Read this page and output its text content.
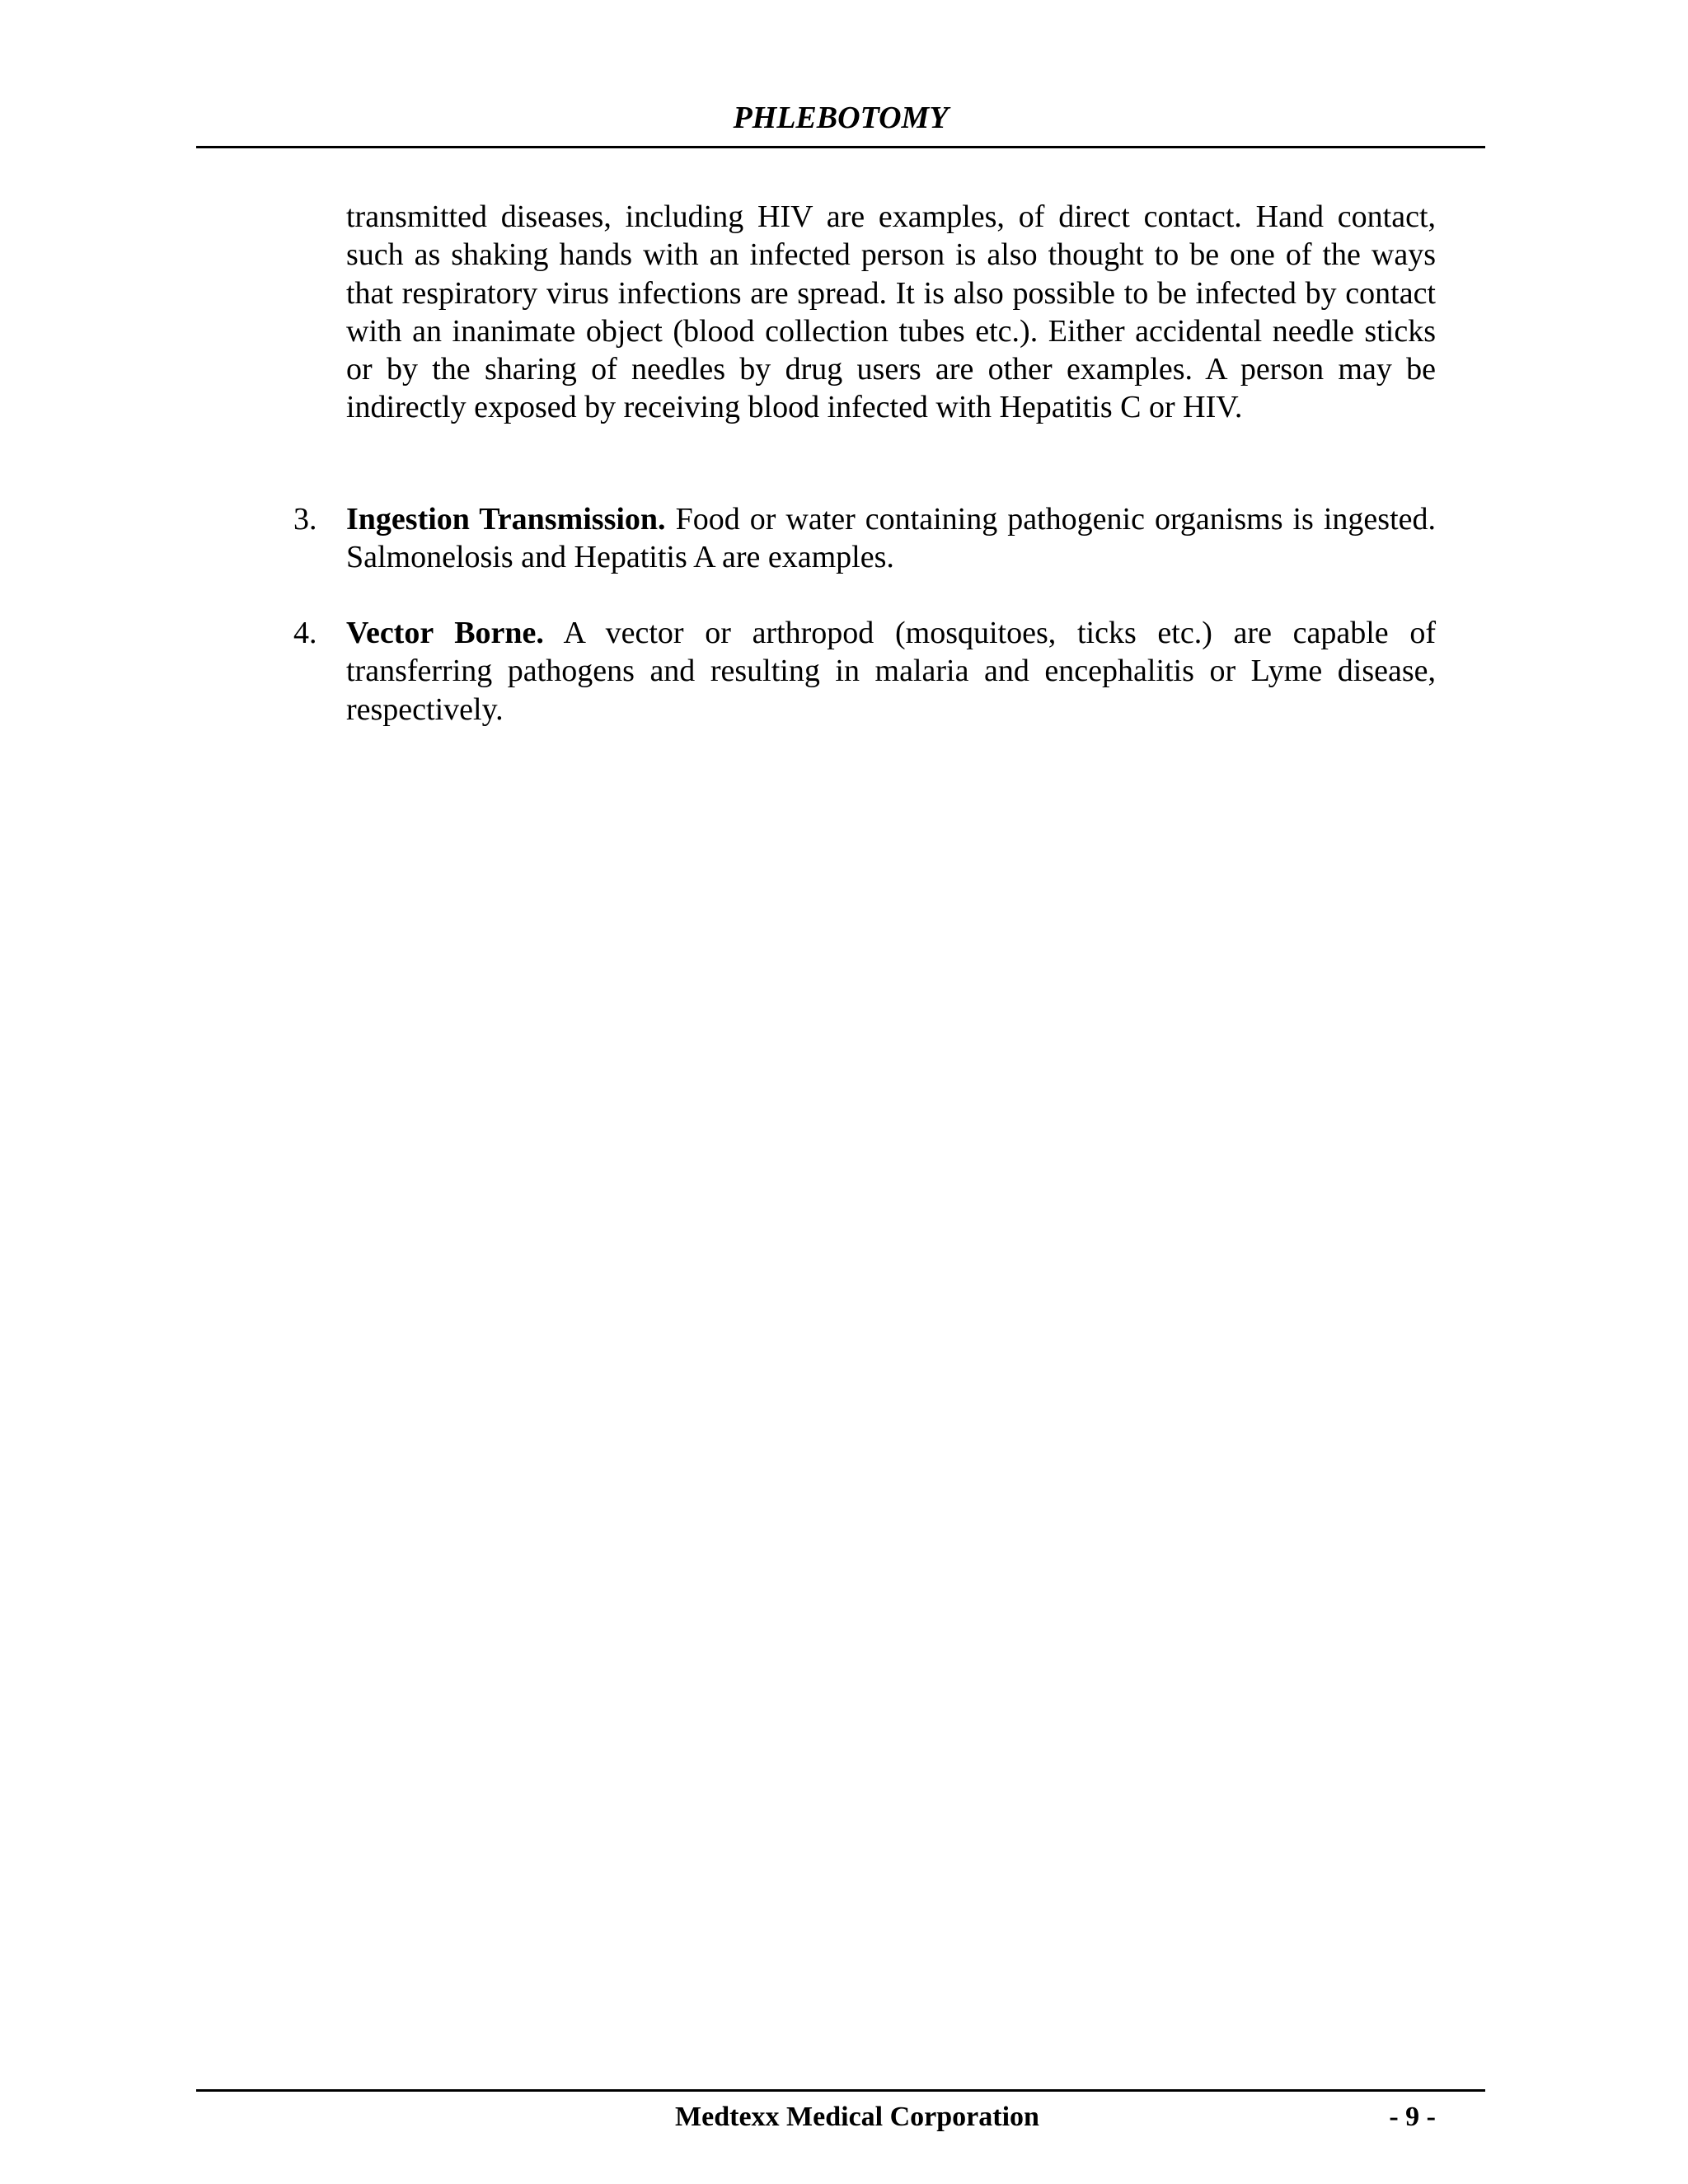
PHLEBOTOMY
transmitted diseases, including HIV are examples, of direct contact. Hand contact, such as shaking hands with an infected person is also thought to be one of the ways that respiratory virus infections are spread. It is also possible to be infected by contact with an inanimate object (blood collection tubes etc.). Either accidental needle sticks or by the sharing of needles by drug users are other examples. A person may be indirectly exposed by receiving blood infected with Hepatitis C or HIV.
3. Ingestion Transmission. Food or water containing pathogenic organisms is ingested. Salmonelosis and Hepatitis A are examples.
4. Vector Borne. A vector or arthropod (mosquitoes, ticks etc.) are capable of transferring pathogens and resulting in malaria and encephalitis or Lyme disease, respectively.
Medtexx Medical Corporation	- 9 -
